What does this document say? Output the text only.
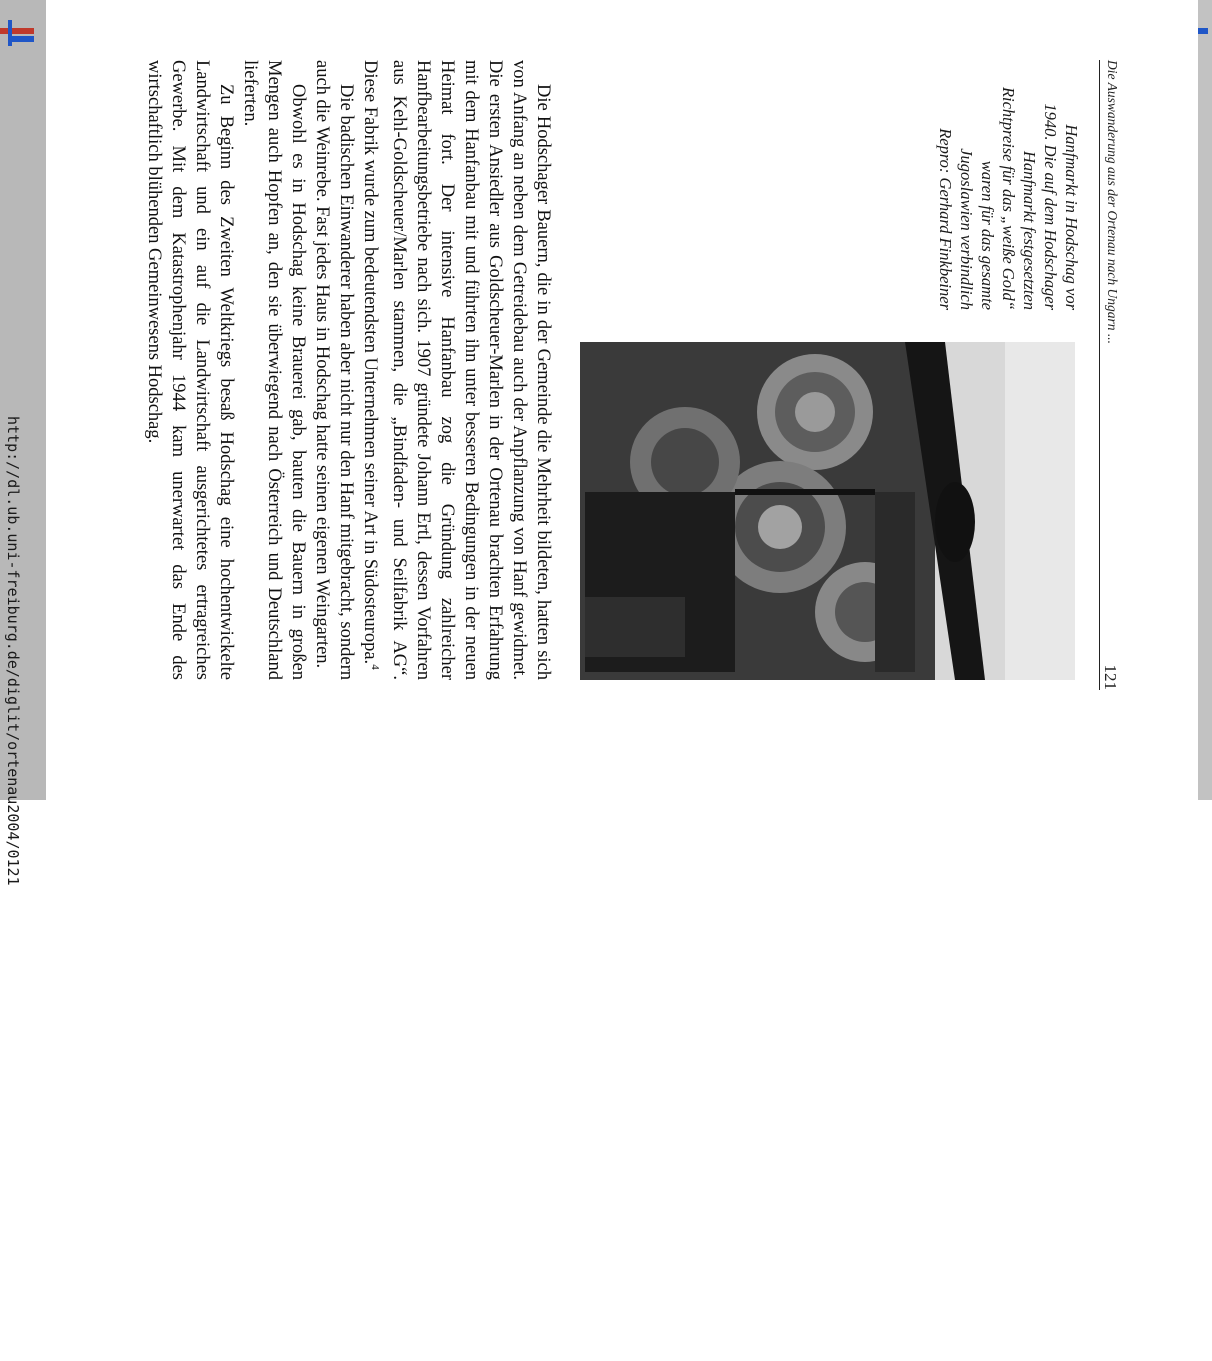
http://dl.ub.uni-freiburg.de/diglit/ortenau2004/0121
Die Auswanderung aus der Ortenau nach Ungarn ...
121
Hanfmarkt in Hodschag vor
1940. Die auf dem Hodschager
Hanfmarkt festgesetzten
Richtpreise für das „weiße Gold“
waren für das gesamte
Jugoslawien verbindlich
Repro: Gerhard Finkbeiner

Die Hodschager Bauern, die in der Gemeinde die Mehrheit bildeten, hatten sich von Anfang an neben dem Getreidebau auch der Anpflanzung von Hanf gewidmet. Die ersten Ansiedler aus Goldscheuer-Marlen in der Ortenau brachten Erfahrung mit dem Hanfanbau mit und führten ihn unter besseren Bedingungen in der neuen Heimat fort. Der intensive Hanfanbau zog die Gründung zahlreicher Hanfbearbeitungsbetriebe nach sich. 1907 gründete Johann Ertl, dessen Vorfahren aus Kehl-Goldscheuer/Marlen stammen, die „Bindfaden- und Seilfabrik AG“. Diese Fabrik wurde zum bedeutendsten Unternehmen seiner Art in Südosteuropa.$^4$

Die badischen Einwanderer haben aber nicht nur den Hanf mitgebracht, sondern auch die Weinrebe. Fast jedes Haus in Hodschag hatte seinen eigenen Weingarten.

Obwohl es in Hodschag keine Brauerei gab, bauten die Bauern in großen Mengen auch Hopfen an, den sie überwiegend nach Österreich und Deutschland lieferten.

Zu Beginn des Zweiten Weltkriegs besaß Hodschag eine hochentwickelte Landwirtschaft und ein auf die Landwirtschaft ausgerichtetes ertragreiches Gewerbe. Mit dem Katastrophenjahr 1944 kam unerwartet das Ende des wirtschaftlich blühenden Gemeinwesens Hodschag.
